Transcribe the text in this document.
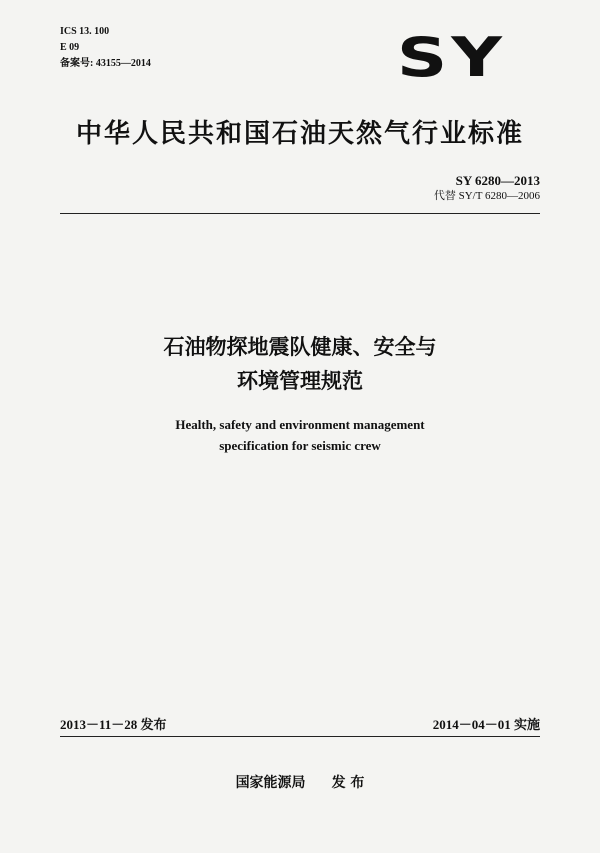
ICS 13. 100
E 09
备案号: 43155—2014	SY
中华人民共和国石油天然气行业标准
SY 6280—2013
代替 SY/T 6280—2006
石油物探地震队健康、安全与
环境管理规范
Health, safety and environment management
specification for seismic crew
2013－11－28 发布	2014－04－01 实施
国家能源局 发 布
